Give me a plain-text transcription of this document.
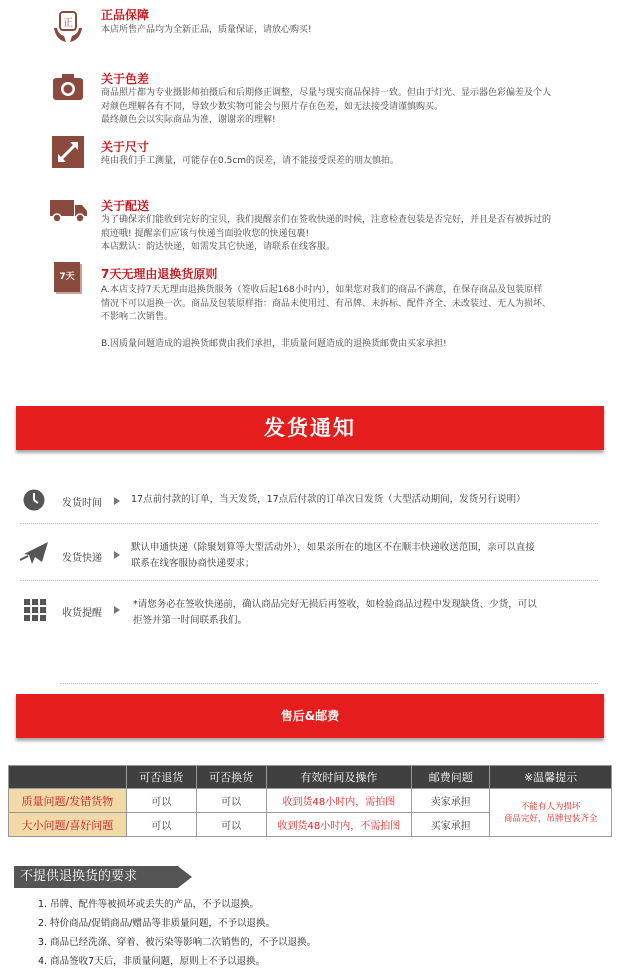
正
正品保障
本店所售产品均为全新正品，质量保证，请放心购买!
关于色差
商品照片都为专业摄影师拍摄后和后期修正调整，尽量与现实商品保持一致。但由于灯光、显示器色彩偏差及个人
对颜色理解各有不同，导致少数实物可能会与照片存在色差，如无法接受请谨慎购买。
最终颜色会以实际商品为准，谢谢亲的理解!
关于尺寸
纯由我们手工测量，可能存在0.5cm的误差，请不能接受误差的朋友慎拍。
关于配送
为了确保亲们能收到完好的宝贝，我们提醒亲们在签收快递的时候，注意检查包装是否完好，并且是否有被拆过的
痕迹哦! 提醒亲们应该与快递当面验收您的快递包裹!
本店默认：韵达快递，如需发其它快递，请联系在线客服。
7天	7天无理由退换货原则
A.本店支持7天无理由退换货服务（签收后起168小时内），如果您对我们的商品不满意，在保存商品及包装原样
情况下可以退换一次。商品及包装原样指：商品未使用过、有吊牌、未拆标、配件齐全、未改装过、无人为损坏、
不影响二次销售。
B.因质量问题造成的退换货邮费由我们承担，非质量问题造成的退换货邮费由买家承担!
发货通知
发货时间	17点前付款的订单，当天发货，17点后付款的订单次日发货（大型活动期间，发货另行说明）
发货快递
默认申通快递（除聚划算等大型活动外），如果亲所在的地区不在顺丰快递收送范围，亲可以直接
联系在线客服协商快递要求；
收货提醒
*请您务必在签收快递前，确认商品完好无损后再签收，如检验商品过程中发现缺货、少货，可以
拒签并第一时间联系我们。
售后&邮费
	可否退货	可否换货	有效时间及操作	邮费问题	※温馨提示
质量问题/发错货物	可以	可以	收到货48小时内，需拍图	卖家承担	不能有人为损坏
商品完好，吊牌包装齐全

大小问题/喜好问题	可以	可以	收到货48小时内，不需拍图	买家承担	
不提供退换货的要求
1. 吊牌、配件等被损坏或丢失的产品，不予以退换。
2. 特价商品/促销商品/赠品等非质量问题，不予以退换。
3. 商品已经洗涤、穿着、被污染等影响二次销售的，不予以退换。
4. 商品签收7天后，非质量问题，原则上不予以退换。
